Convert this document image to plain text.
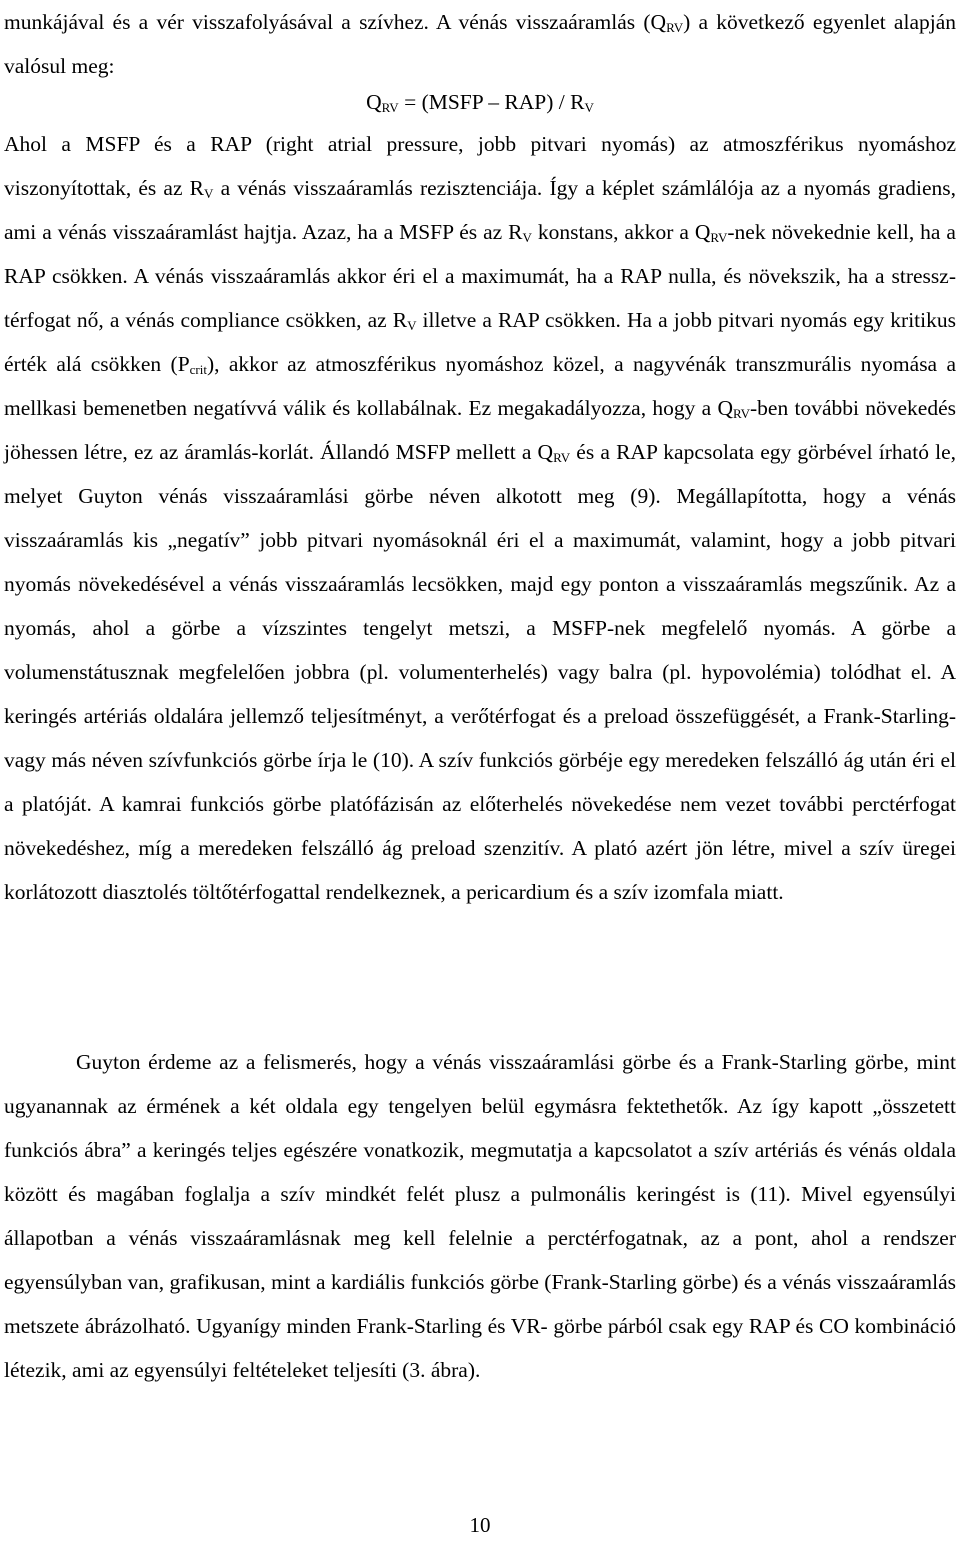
munkájával és a vér visszafolyásával a szívhez. A vénás visszaáramlás $(Q_{RV})$ a következő egyenlet alapján valósul meg:

$Q_{RV}$ = (MSFP – $RAP) / R_V$

Ahol a MSFP és a RAP (right atrial pressure, jobb pitvari nyomás) az atmoszférikus nyomáshoz viszonyítottak, és az $R_V$ a vénás visszaáramlás rezisztenciája. Így a képlet számlálója az a nyomás gradiens, ami a vénás visszaáramlást hajtja. Azaz, ha a MSFP és az $R_V$ konstans, akkor a $Q_{RV}$-nek növekednie kell, ha a RAP csökken. A vénás visszaáramlás akkor éri el a maximumát, ha a RAP nulla, és növekszik, ha a stressz-térfogat nő, a vénás compliance csökken, az $R_V$ illetve a RAP csökken. Ha a jobb pitvari nyomás egy kritikus érték alá csökken $(P_{crit})$, akkor az atmoszférikus nyomáshoz közel, a nagyvénák transzmurális nyomása a mellkasi bemenetben negatívvá válik és kollabálnak. Ez megakadályozza, hogy a $Q_{RV}$-ben további növekedés jöhessen létre, ez az áramlás-korlát. Állandó MSFP mellett a $Q_{RV}$ és a RAP kapcsolata egy görbével írható le, melyet Guyton vénás visszaáramlási görbe néven alkotott meg (9). Megállapította, hogy a vénás visszaáramlás kis „negatív” jobb pitvari nyomásoknál éri el a maximumát, valamint, hogy a jobb pitvari nyomás növekedésével a vénás visszaáramlás lecsökken, majd egy ponton a visszaáramlás megszűnik. Az a nyomás, ahol a görbe a vízszintes tengelyt metszi, a MSFP-nek megfelelő nyomás. A görbe a volumenstátusznak megfelelően jobbra (pl. volumenterhelés) vagy balra (pl. hypovolémia) tolódhat el. A keringés artériás oldalára jellemző teljesítményt, a verőtérfogat és a preload összefüggését, a Frank-Starling- vagy más néven szívfunkciós görbe írja le (10). A szív funkciós görbéje egy meredeken felszálló ág után éri el a platóját. A kamrai funkciós görbe platófázisán az előterhelés növekedése nem vezet további perctérfogat növekedéshez, míg a meredeken felszálló ág preload szenzitív. A plató azért jön létre, mivel a szív üregei korlátozott diasztolés töltőtérfogattal rendelkeznek, a pericardium és a szív izomfala miatt.

Guyton érdeme az a felismerés, hogy a vénás visszaáramlási görbe és a Frank-Starling görbe, mint ugyanannak az érmének a két oldala egy tengelyen belül egymásra fektethetők. Az így kapott „összetett funkciós ábra” a keringés teljes egészére vonatkozik, megmutatja a kapcsolatot a szív artériás és vénás oldala között és magában foglalja a szív mindkét felét plusz a pulmonális keringést is (11). Mivel egyensúlyi állapotban a vénás visszaáramlásnak meg kell felelnie a perctérfogatnak, az a pont, ahol a rendszer egyensúlyban van, grafikusan, mint a kardiális funkciós görbe (Frank-Starling görbe) és a vénás visszaáramlás metszete ábrázolható. Ugyanígy minden Frank-Starling és VR- görbe párból csak egy RAP és CO kombináció létezik, ami az egyensúlyi feltételeket teljesíti (3. ábra).

10
